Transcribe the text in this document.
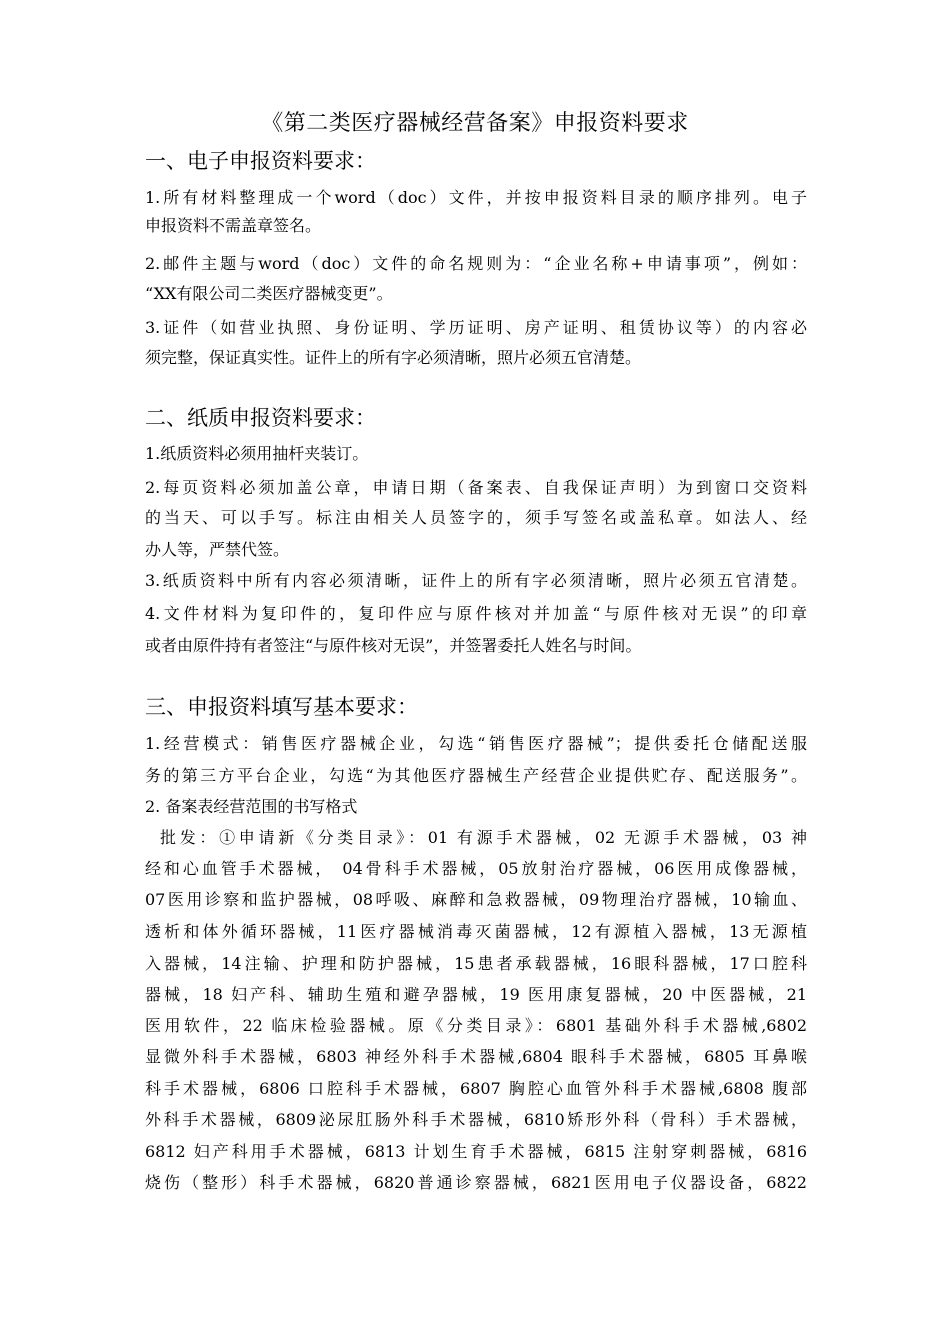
《第二类医疗器械经营备案》申报资料要求
一、电子申报资料要求：
1.所有材料整理成一个word（doc）文件，并按申报资料目录的顺序排列。电子
申报资料不需盖章签名。
2.邮件主题与word（doc）文件的命名规则为：“企业名称+申请事项”，例如：
“XX有限公司二类医疗器械变更”。
3.证件（如营业执照、身份证明、学历证明、房产证明、租赁协议等）的内容必
须完整，保证真实性。证件上的所有字必须清晰，照片必须五官清楚。
二、纸质申报资料要求：
1.纸质资料必须用抽杆夹装订。
2.每页资料必须加盖公章，申请日期（备案表、自我保证声明）为到窗口交资料
的当天、可以手写。标注由相关人员签字的，须手写签名或盖私章。如法人、经
办人等，严禁代签。
3.纸质资料中所有内容必须清晰，证件上的所有字必须清晰，照片必须五官清楚。
4.文件材料为复印件的，复印件应与原件核对并加盖“与原件核对无误”的印章
或者由原件持有者签注“与原件核对无误”，并签署委托人姓名与时间。
三、申报资料填写基本要求：
1.经营模式：销售医疗器械企业，勾选“销售医疗器械”；提供委托仓储配送服
务的第三方平台企业，勾选“为其他医疗器械生产经营企业提供贮存、配送服务”。
2. 备案表经营范围的书写格式
批发：①申请新《分类目录》：01 有源手术器械，02 无源手术器械，03 神
经和心血管手术器械， 04骨科手术器械，05放射治疗器械，06医用成像器械，
07医用诊察和监护器械，08呼吸、麻醉和急救器械，09物理治疗器械，10输血、
透析和体外循环器械，11医疗器械消毒灭菌器械，12有源植入器械，13无源植
入器械，14注输、护理和防护器械，15患者承载器械，16眼科器械，17口腔科
器械，18 妇产科、辅助生殖和避孕器械，19 医用康复器械，20 中医器械，21
医用软件，22 临床检验器械。原《分类目录》：6801 基础外科手术器械,6802
显微外科手术器械，6803 神经外科手术器械,6804 眼科手术器械，6805 耳鼻喉
科手术器械，6806 口腔科手术器械，6807 胸腔心血管外科手术器械,6808 腹部
外科手术器械，6809泌尿肛肠外科手术器械，6810矫形外科（骨科）手术器械，
6812 妇产科用手术器械，6813 计划生育手术器械，6815 注射穿刺器械，6816
烧伤（整形）科手术器械，6820普通诊察器械，6821医用电子仪器设备，6822
